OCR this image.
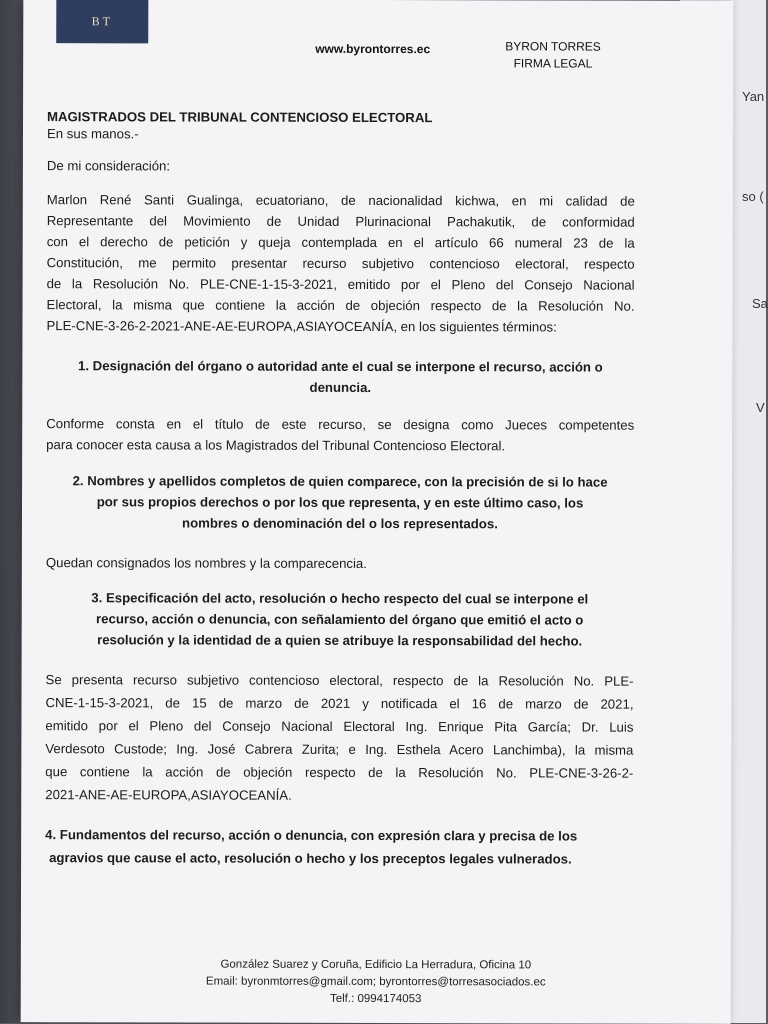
Yan
so (
Sa
V
BT
www.byrontorres.ec	BYRON TORRES
FIRMA LEGAL
MAGISTRADOS DEL TRIBUNAL CONTENCIOSO ELECTORAL
En sus manos.-
De mi consideración:
Marlon René Santi Gualinga, ecuatoriano, de nacionalidad kichwa, en mi calidad de
Representante del Movimiento de Unidad Plurinacional Pachakutik, de conformidad
con el derecho de petición y queja contemplada en el artículo 66 numeral 23 de la
Constitución, me permito presentar recurso subjetivo contencioso electoral, respecto
de la Resolución No. PLE-CNE-1-15-3-2021, emitido por el Pleno del Consejo Nacional
Electoral, la misma que contiene la acción de objeción respecto de la Resolución No.
PLE-CNE-3-26-2-2021-ANE-AE-EUROPA,ASIAYOCEANÍA, en los siguientes términos:
1. Designación del órgano o autoridad ante el cual se interpone el recurso, acción o
denuncia.
Conforme consta en el título de este recurso, se designa como Jueces competentes
para conocer esta causa a los Magistrados del Tribunal Contencioso Electoral.
2. Nombres y apellidos completos de quien comparece, con la precisión de si lo hace
por sus propios derechos o por los que representa, y en este último caso, los
nombres o denominación del o los representados.
Quedan consignados los nombres y la comparecencia.
3. Especificación del acto, resolución o hecho respecto del cual se interpone el
recurso, acción o denuncia, con señalamiento del órgano que emitió el acto o
resolución y la identidad de a quien se atribuye la responsabilidad del hecho.
Se presenta recurso subjetivo contencioso electoral, respecto de la Resolución No. PLE-
CNE-1-15-3-2021, de 15 de marzo de 2021 y notificada el 16 de marzo de 2021,
emitido por el Pleno del Consejo Nacional Electoral Ing. Enrique Pita García; Dr. Luis
Verdesoto Custode; Ing. José Cabrera Zurita; e Ing. Esthela Acero Lanchimba), la misma
que contiene la acción de objeción respecto de la Resolución No. PLE-CNE-3-26-2-
2021-ANE-AE-EUROPA,ASIAYOCEANÍA.
4. Fundamentos del recurso, acción o denuncia, con expresión clara y precisa de los
agravios que cause el acto, resolución o hecho y los preceptos legales vulnerados.
González Suarez y Coruña, Edificio La Herradura, Oficina 10
Email: byronmtorres@gmail.com; byrontorres@torresasociados.ec
Telf.: 0994174053
